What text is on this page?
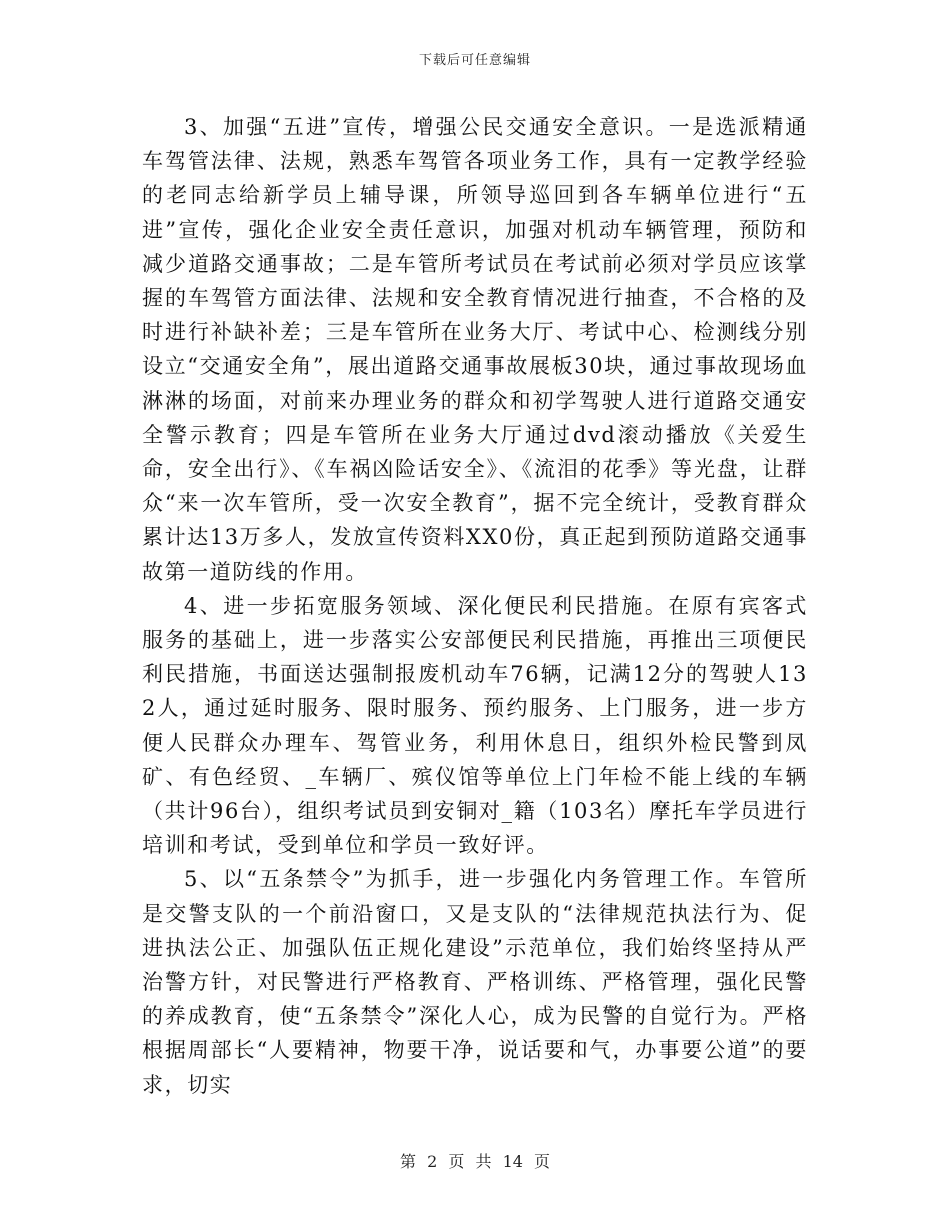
下载后可任意编辑

3、加强“五进”宣传，增强公民交通安全意识。一是选派精通车驾管法律、法规，熟悉车驾管各项业务工作，具有一定教学经验的老同志给新学员上辅导课，所领导巡回到各车辆单位进行“五进”宣传，强化企业安全责任意识，加强对机动车辆管理，预防和减少道路交通事故；二是车管所考试员在考试前必须对学员应该掌握的车驾管方面法律、法规和安全教育情况进行抽查，不合格的及时进行补缺补差；三是车管所在业务大厅、考试中心、检测线分别设立“交通安全角”，展出道路交通事故展板30块，通过事故现场血淋淋的场面，对前来办理业务的群众和初学驾驶人进行道路交通安全警示教育；四是车管所在业务大厅通过dvd滚动播放《关爱生命，安全出行》、《车祸凶险话安全》、《流泪的花季》等光盘，让群众“来一次车管所，受一次安全教育”，据不完全统计，受教育群众累计达13万多人，发放宣传资料XX0份，真正起到预防道路交通事故第一道防线的作用。

4、进一步拓宽服务领域、深化便民利民措施。在原有宾客式服务的基础上，进一步落实公安部便民利民措施，再推出三项便民利民措施，书面送达强制报废机动车76辆，记满12分的驾驶人132人，通过延时服务、限时服务、预约服务、上门服务，进一步方便人民群众办理车、驾管业务，利用休息日，组织外检民警到凤矿、有色经贸、_车辆厂、殡仪馆等单位上门年检不能上线的车辆（共计96台），组织考试员到安铜对_籍（103名）摩托车学员进行培训和考试，受到单位和学员一致好评。

5、以“五条禁令”为抓手，进一步强化内务管理工作。车管所是交警支队的一个前沿窗口，又是支队的“法律规范执法行为、促进执法公正、加强队伍正规化建设”示范单位，我们始终坚持从严治警方针，对民警进行严格教育、严格训练、严格管理，强化民警的养成教育，使“五条禁令”深化人心，成为民警的自觉行为。严格根据周部长“人要精神，物要干净，说话要和气，办事要公道”的要求，切实

第 2 页 共 14 页
